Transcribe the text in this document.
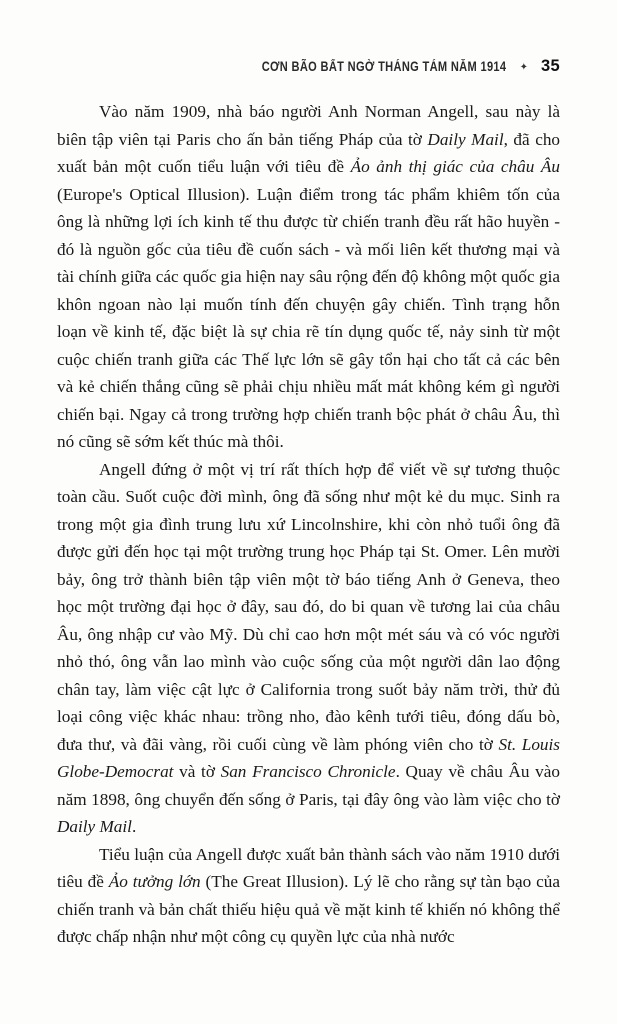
CƠN BÃO BẤT NGỜ THÁNG TÁM NĂM 1914 ✦ 35

Vào năm 1909, nhà báo người Anh Norman Angell, sau này là biên tập viên tại Paris cho ấn bản tiếng Pháp của tờ Daily Mail, đã cho xuất bản một cuốn tiểu luận với tiêu đề Ảo ảnh thị giác của châu Âu (Europe's Optical Illusion). Luận điểm trong tác phẩm khiêm tốn của ông là những lợi ích kinh tế thu được từ chiến tranh đều rất hão huyền - đó là nguồn gốc của tiêu đề cuốn sách - và mối liên kết thương mại và tài chính giữa các quốc gia hiện nay sâu rộng đến độ không một quốc gia khôn ngoan nào lại muốn tính đến chuyện gây chiến. Tình trạng hỗn loạn về kinh tế, đặc biệt là sự chia rẽ tín dụng quốc tế, nảy sinh từ một cuộc chiến tranh giữa các Thế lực lớn sẽ gây tổn hại cho tất cả các bên và kẻ chiến thắng cũng sẽ phải chịu nhiều mất mát không kém gì người chiến bại. Ngay cả trong trường hợp chiến tranh bộc phát ở châu Âu, thì nó cũng sẽ sớm kết thúc mà thôi.

Angell đứng ở một vị trí rất thích hợp để viết về sự tương thuộc toàn cầu. Suốt cuộc đời mình, ông đã sống như một kẻ du mục. Sinh ra trong một gia đình trung lưu xứ Lincolnshire, khi còn nhỏ tuổi ông đã được gửi đến học tại một trường trung học Pháp tại St. Omer. Lên mười bảy, ông trở thành biên tập viên một tờ báo tiếng Anh ở Geneva, theo học một trường đại học ở đây, sau đó, do bi quan về tương lai của châu Âu, ông nhập cư vào Mỹ. Dù chỉ cao hơn một mét sáu và có vóc người nhỏ thó, ông vẫn lao mình vào cuộc sống của một người dân lao động chân tay, làm việc cật lực ở California trong suốt bảy năm trời, thử đủ loại công việc khác nhau: trồng nho, đào kênh tưới tiêu, đóng dấu bò, đưa thư, và đãi vàng, rồi cuối cùng về làm phóng viên cho tờ St. Louis Globe-Democrat và tờ San Francisco Chronicle. Quay về châu Âu vào năm 1898, ông chuyển đến sống ở Paris, tại đây ông vào làm việc cho tờ Daily Mail.

Tiểu luận của Angell được xuất bản thành sách vào năm 1910 dưới tiêu đề Ảo tưởng lớn (The Great Illusion). Lý lẽ cho rằng sự tàn bạo của chiến tranh và bản chất thiếu hiệu quả về mặt kinh tế khiến nó không thể được chấp nhận như một công cụ quyền lực của nhà nước
